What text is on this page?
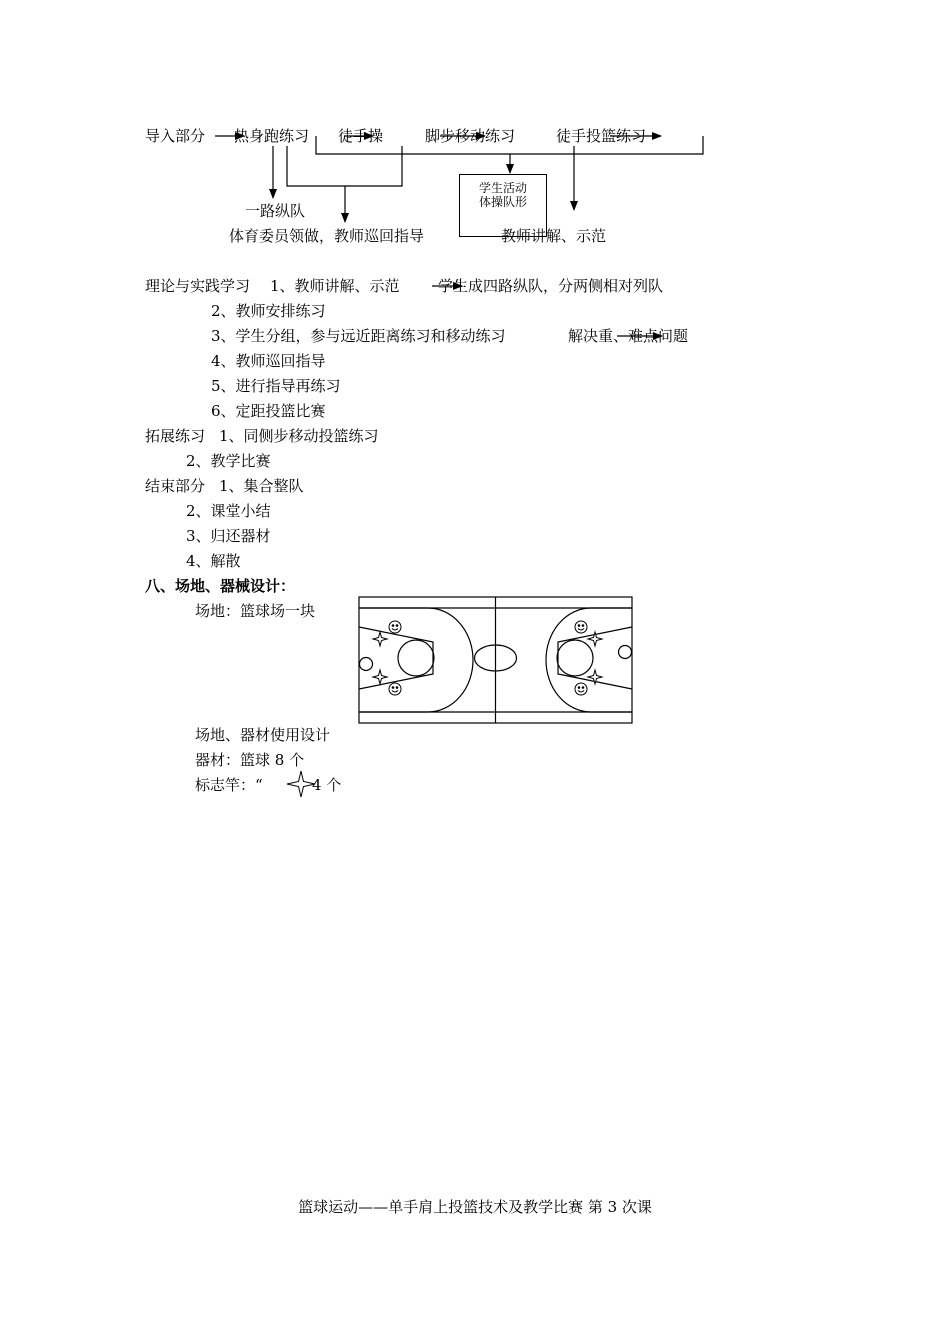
导入部分 热身跑练习 徒手操	脚步移动练习	徒手投篮练习
学生活动
体操队形
一路纵队
体育委员领做，教师巡回指导	教师讲解、示范
理论与实践学习 1、教师讲解、示范	学生成四路纵队，分两侧相对列队
2、教师安排练习
3、学生分组，参与远近距离练习和移动练习	解决重、难点问题
4、教师巡回指导
5、进行指导再练习
6、定距投篮比赛
拓展练习 1、同侧步移动投篮练习
2、教学比赛
结束部分 1、集合整队
2、课堂小结
3、归还器材
4、解散
八、场地、器械设计：
场地：篮球场一块
场地、器材使用设计
器材：篮球 8 个
标志竿：“	4 个
篮球运动——单手肩上投篮技术及教学比赛 第 3 次课
